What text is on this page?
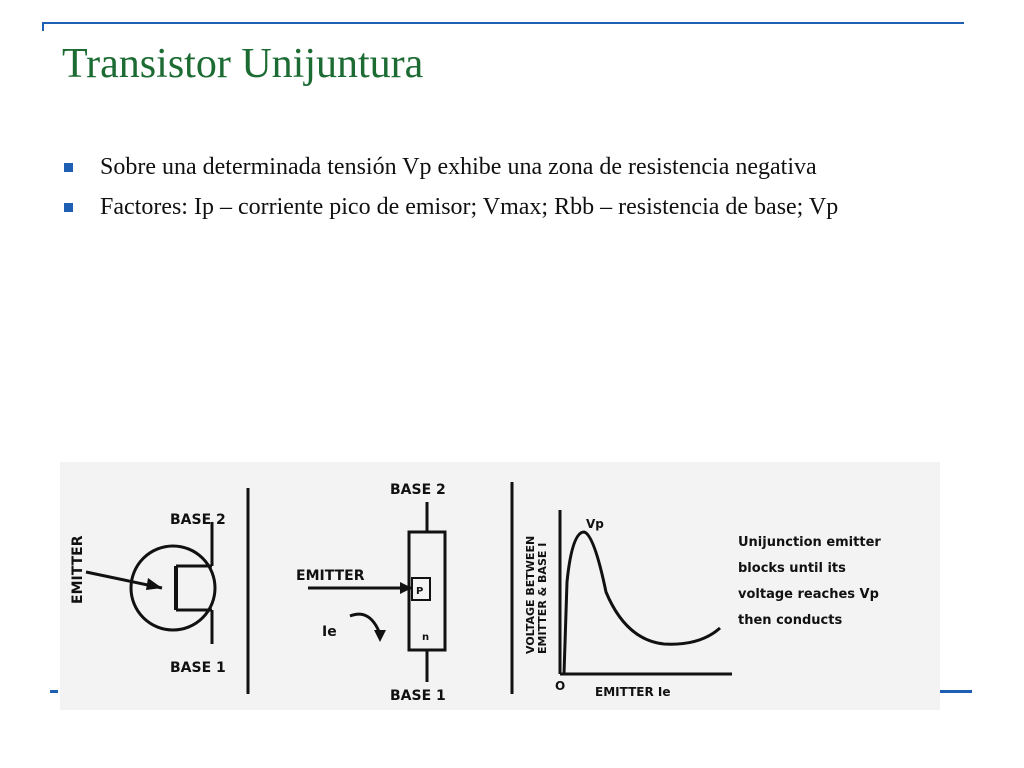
Transistor Unijuntura
Sobre una determinada tensión Vp exhibe una zona de resistencia negativa
Factores: Ip – corriente pico de emisor; Vmax; Rbb – resistencia de base; Vp
EMITTER
BASE 2
BASE 1
BASE 2
P
n
BASE 1
EMITTER
Ie	VOLTAGE BETWEEN EMITTER & BASE I
Vp
O EMITTER Ie
Unijunction emitter
blocks until its
voltage reaches Vp
then conducts
